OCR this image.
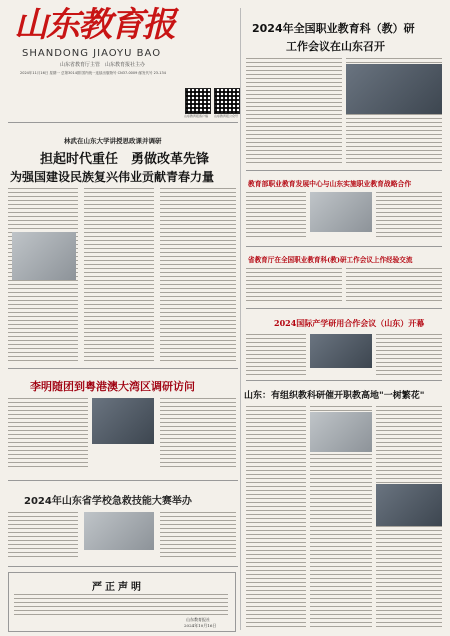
山东教育报
SHANDONG JIAOYU BAO
山东省教育厅主管　山东教育报社主办
2024年11月16日 星期一 总第3014期 国内统一连续出版物号 CN37-0009 邮发代号 23-134
山东教育报客户端	山东教育报公众号
林武在山东大学讲授思政课并调研
担起时代重任　勇做改革先锋
为强国建设民族复兴伟业贡献青春力量
李明随团到粤港澳大湾区调研访问
2024年山东省学校急救技能大赛举办
严正声明
山东教育报社
2024年10月16日
2024年全国职业教育科（教）研
工作会议在山东召开
教育部职业教育发展中心与山东实施职业教育战略合作
省教育厅在全国职业教育科(教)研工作会议上作经验交流
2024国际产学研用合作会议（山东）开幕
山东：有组织教科研催开职教高地"一树繁花"
